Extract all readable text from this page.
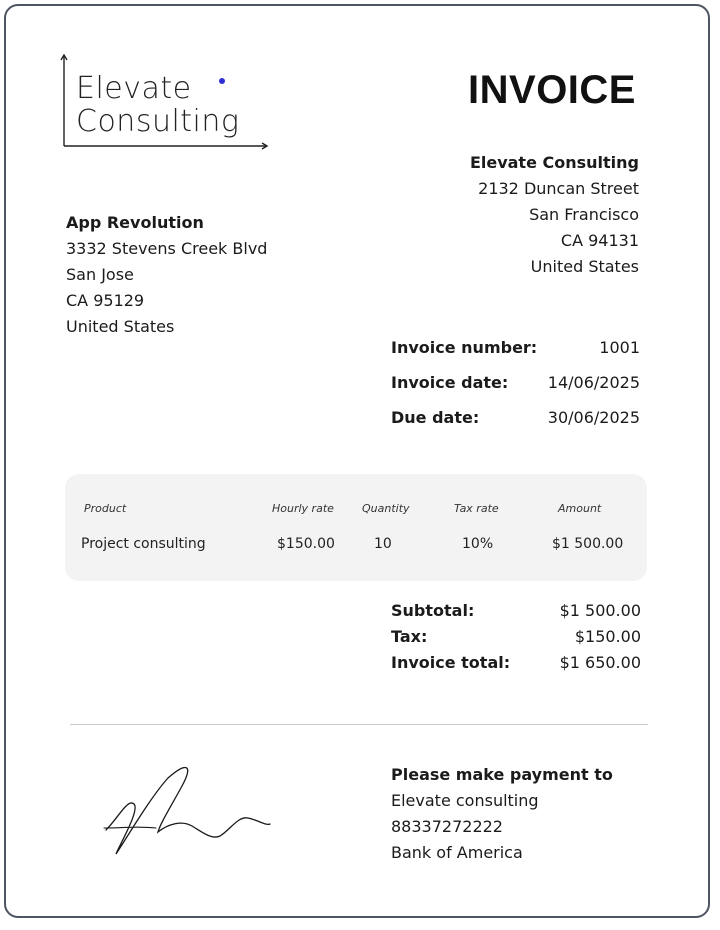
Elevate
Consulting
INVOICE
Elevate Consulting
2132 Duncan Street
San Francisco
CA 94131
United States
App Revolution
3332 Stevens Creek Blvd
San Jose
CA 95129
United States
Invoice number:	1001
Invoice date: 14/06/2025
Due date:	30/06/2025
Product	Hourly rate	Quantity	Tax rate	Amount
Project consulting	$150.00	10	10%	$1 500.00
Subtotal:	$1 500.00
Tax:	$150.00
Invoice total:	$1 650.00
Please make payment to
Elevate consulting
88337272222
Bank of America
